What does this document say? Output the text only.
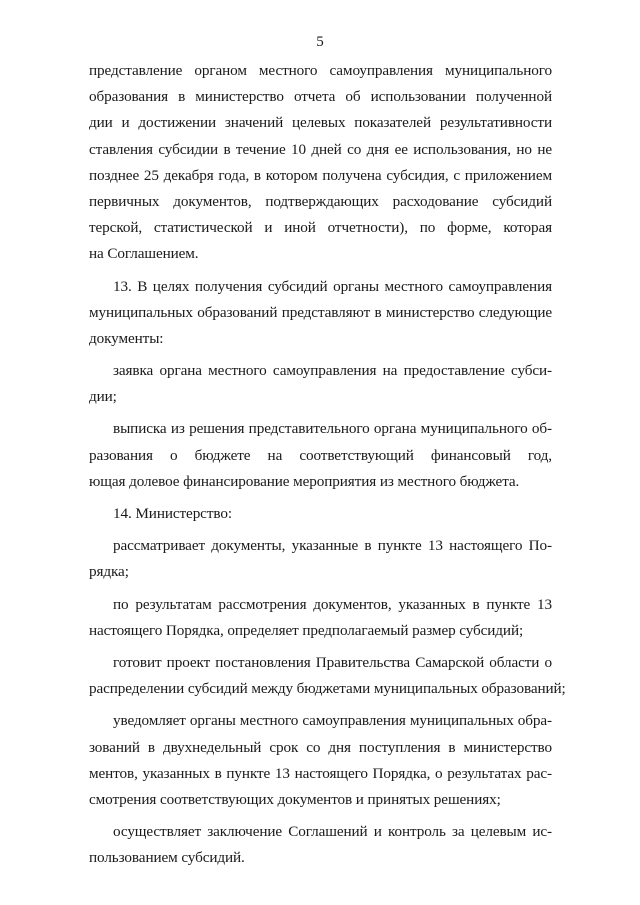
5
представление органом местного самоуправления муниципального
образования в министерство отчета об использовании полученной
дии и достижении значений целевых показателей результативности
ставления субсидии в течение 10 дней со дня ее использования, но не
позднее 25 декабря года, в котором получена субсидия, с приложением
первичных документов, подтверждающих расходование субсидий
терской, статистической и иной отчетности), по форме, которая
на Соглашением.
13. В целях получения субсидий органы местного самоуправления
муниципальных образований представляют в министерство следующие
документы:
заявка органа местного самоуправления на предоставление субси-
дии;
выписка из решения представительного органа муниципального об-
разования о бюджете на соответствующий финансовый год,
ющая долевое финансирование мероприятия из местного бюджета.
14. Министерство:
рассматривает документы, указанные в пункте 13 настоящего По-
рядка;
по результатам рассмотрения документов, указанных в пункте 13
настоящего Порядка, определяет предполагаемый размер субсидий;
готовит проект постановления Правительства Самарской области о
распределении субсидий между бюджетами муниципальных образований;
уведомляет органы местного самоуправления муниципальных обра-
зований в двухнедельный срок со дня поступления в министерство
ментов, указанных в пункте 13 настоящего Порядка, о результатах рас-
смотрения соответствующих документов и принятых решениях;
осуществляет заключение Соглашений и контроль за целевым ис-
пользованием субсидий.
